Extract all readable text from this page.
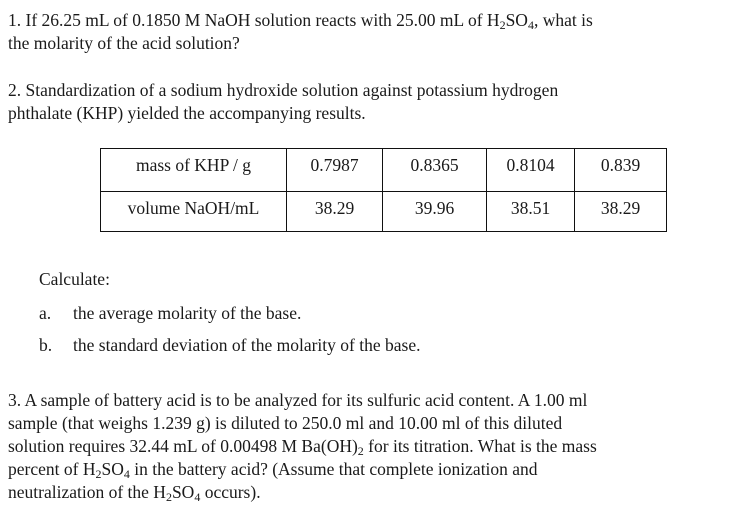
1. If 26.25 mL of 0.1850 M NaOH solution reacts with 25.00 mL of $H_2SO_4$, what is
the molarity of the acid solution?
2. Standardization of a sodium hydroxide solution against potassium hydrogen
phthalate (KHP) yielded the accompanying results.
mass of KHP / g	0.7987	0.8365	0.8104	0.839
volume NaOH/mL	38.29	39.96	38.51	38.29
Calculate:
a. the average molarity of the base.
b. the standard deviation of the molarity of the base.
3. A sample of battery acid is to be analyzed for its sulfuric acid content. A 1.00 ml
sample (that weighs 1.239 g) is diluted to 250.0 ml and 10.00 ml of this diluted
solution requires 32.44 mL of 0.00498 M $Ba(OH)_2$ for its titration. What is the mass
percent of $H_2SO_4$ in the battery acid? (Assume that complete ionization and
neutralization of the $H_2SO_4$ occurs).
